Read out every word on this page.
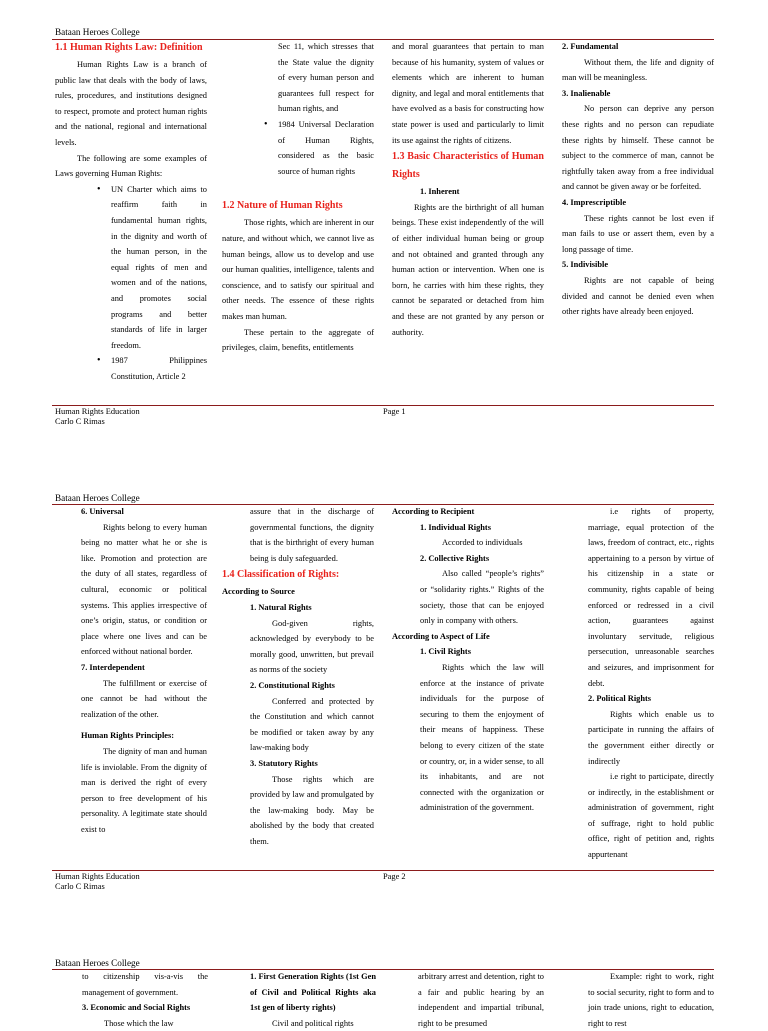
Bataan Heroes College

1.1 Human Rights Law: Definition

Human Rights Law is a branch of public law that deals with the body of laws, rules, procedures, and institutions designed to respect, promote and protect human rights and the national, regional and international levels.

The following are some examples of Laws governing Human Rights:

• UN Charter which aims to reaffirm faith in fundamental human rights, in the dignity and worth of the human person, in the equal rights of men and women and of the nations, and promotes social programs and better standards of life in larger freedom.
• 1987 Philippines Constitution, Article 2
Sec 11, which stresses that the State value the dignity of every human person and guarantees full respect for human rights, and
• 1984 Universal Declaration of Human Rights, considered as the basic source of human rights

1.2 Nature of Human Rights

Those rights, which are inherent in our nature, and without which, we cannot live as human beings, allow us to develop and use our human qualities, intelligence, talents and conscience, and to satisfy our spiritual and other needs. The essence of these rights makes man human.

These pertain to the aggregate of privileges, claim, benefits, entitlements

and moral guarantees that pertain to man because of his humanity, system of values or elements which are inherent to human dignity, and legal and moral entitlements that have evolved as a basis for constructing how state power is used and particularly to limit its use against the rights of citizens.

1.3 Basic Characteristics of Human Rights

1. Inherent

Rights are the birthright of all human beings. These exist independently of the will of either individual human being or group and not obtained and granted through any human action or intervention. When one is born, he carries with him these rights, they cannot be separated or detached from him and these are not granted by any person or authority.

2. Fundamental

Without them, the life and dignity of man will be meaningless.

3. Inalienable

No person can deprive any person these rights and no person can repudiate these rights by himself. These cannot be subject to the commerce of man, cannot be rightfully taken away from a free individual and cannot be given away or be forfeited.

4. Imprescriptible

These rights cannot be lost even if man fails to use or assert them, even by a long passage of time.

5. Indivisible

Rights are not capable of being divided and cannot be denied even when other rights have already been enjoyed.

Human Rights Education
Carlo C Rimas
Page 1
Bataan Heroes College

6. Universal

Rights belong to every human being no matter what he or she is like. Promotion and protection are the duty of all states, regardless of cultural, economic or political systems. This applies irrespective of one’s origin, status, or condition or place where one lives and can be enforced without national border.

7. Interdependent

The fulfillment or exercise of one cannot be had without the realization of the other.

Human Rights Principles:

The dignity of man and human life is inviolable. From the dignity of man is derived the right of every person to free development of his personality. A legitimate state should exist to

assure that in the discharge of governmental functions, the dignity that is the birthright of every human being is duly safeguarded.

1.4 Classification of Rights:

According to Source

1. Natural Rights

God-given rights, acknowledged by everybody to be morally good, unwritten, but prevail as norms of the society

2. Constitutional Rights

Conferred and protected by the Constitution and which cannot be modified or taken away by any law-making body

3. Statutory Rights

Those rights which are provided by law and promulgated by the law-making body. May be abolished by the body that created them.

According to Recipient

1. Individual Rights

Accorded to individuals

2. Collective Rights

Also called “people’s rights” or “solidarity rights.” Rights of the society, those that can be enjoyed only in company with others.

According to Aspect of Life

1. Civil Rights

Rights which the law will enforce at the instance of private individuals for the purpose of securing to them the enjoyment of their means of happiness. These belong to every citizen of the state or country, or, in a wider sense, to all its inhabitants, and are not connected with the organization or administration of the government.

i.e rights of property, marriage, equal protection of the laws, freedom of contract, etc., rights appertaining to a person by virtue of his citizenship in a state or community, rights capable of being enforced or redressed in a civil action, guarantees against involuntary servitude, religious persecution, unreasonable searches and seizures, and imprisonment for debt.

2. Political Rights

Rights which enable us to participate in running the affairs of the government either directly or indirectly

i.e right to participate, directly or indirectly, in the establishment or administration of government, right of suffrage, right to hold public office, right of petition and, rights appurtenant

Human Rights Education
Carlo C Rimas
Page 2
Bataan Heroes College

to citizenship vis-a-vis the management of government.

3. Economic and Social Rights

Those which the law

1. First Generation Rights (1st Gen of Civil and Political Rights aka 1st gen of liberty rights)

Civil and political rights

arbitrary arrest and detention, right to a fair and public hearing by an independent and impartial tribunal, right to be presumed

Example: right to work, right to social security, right to form and to join trade unions, right to education, right to rest
